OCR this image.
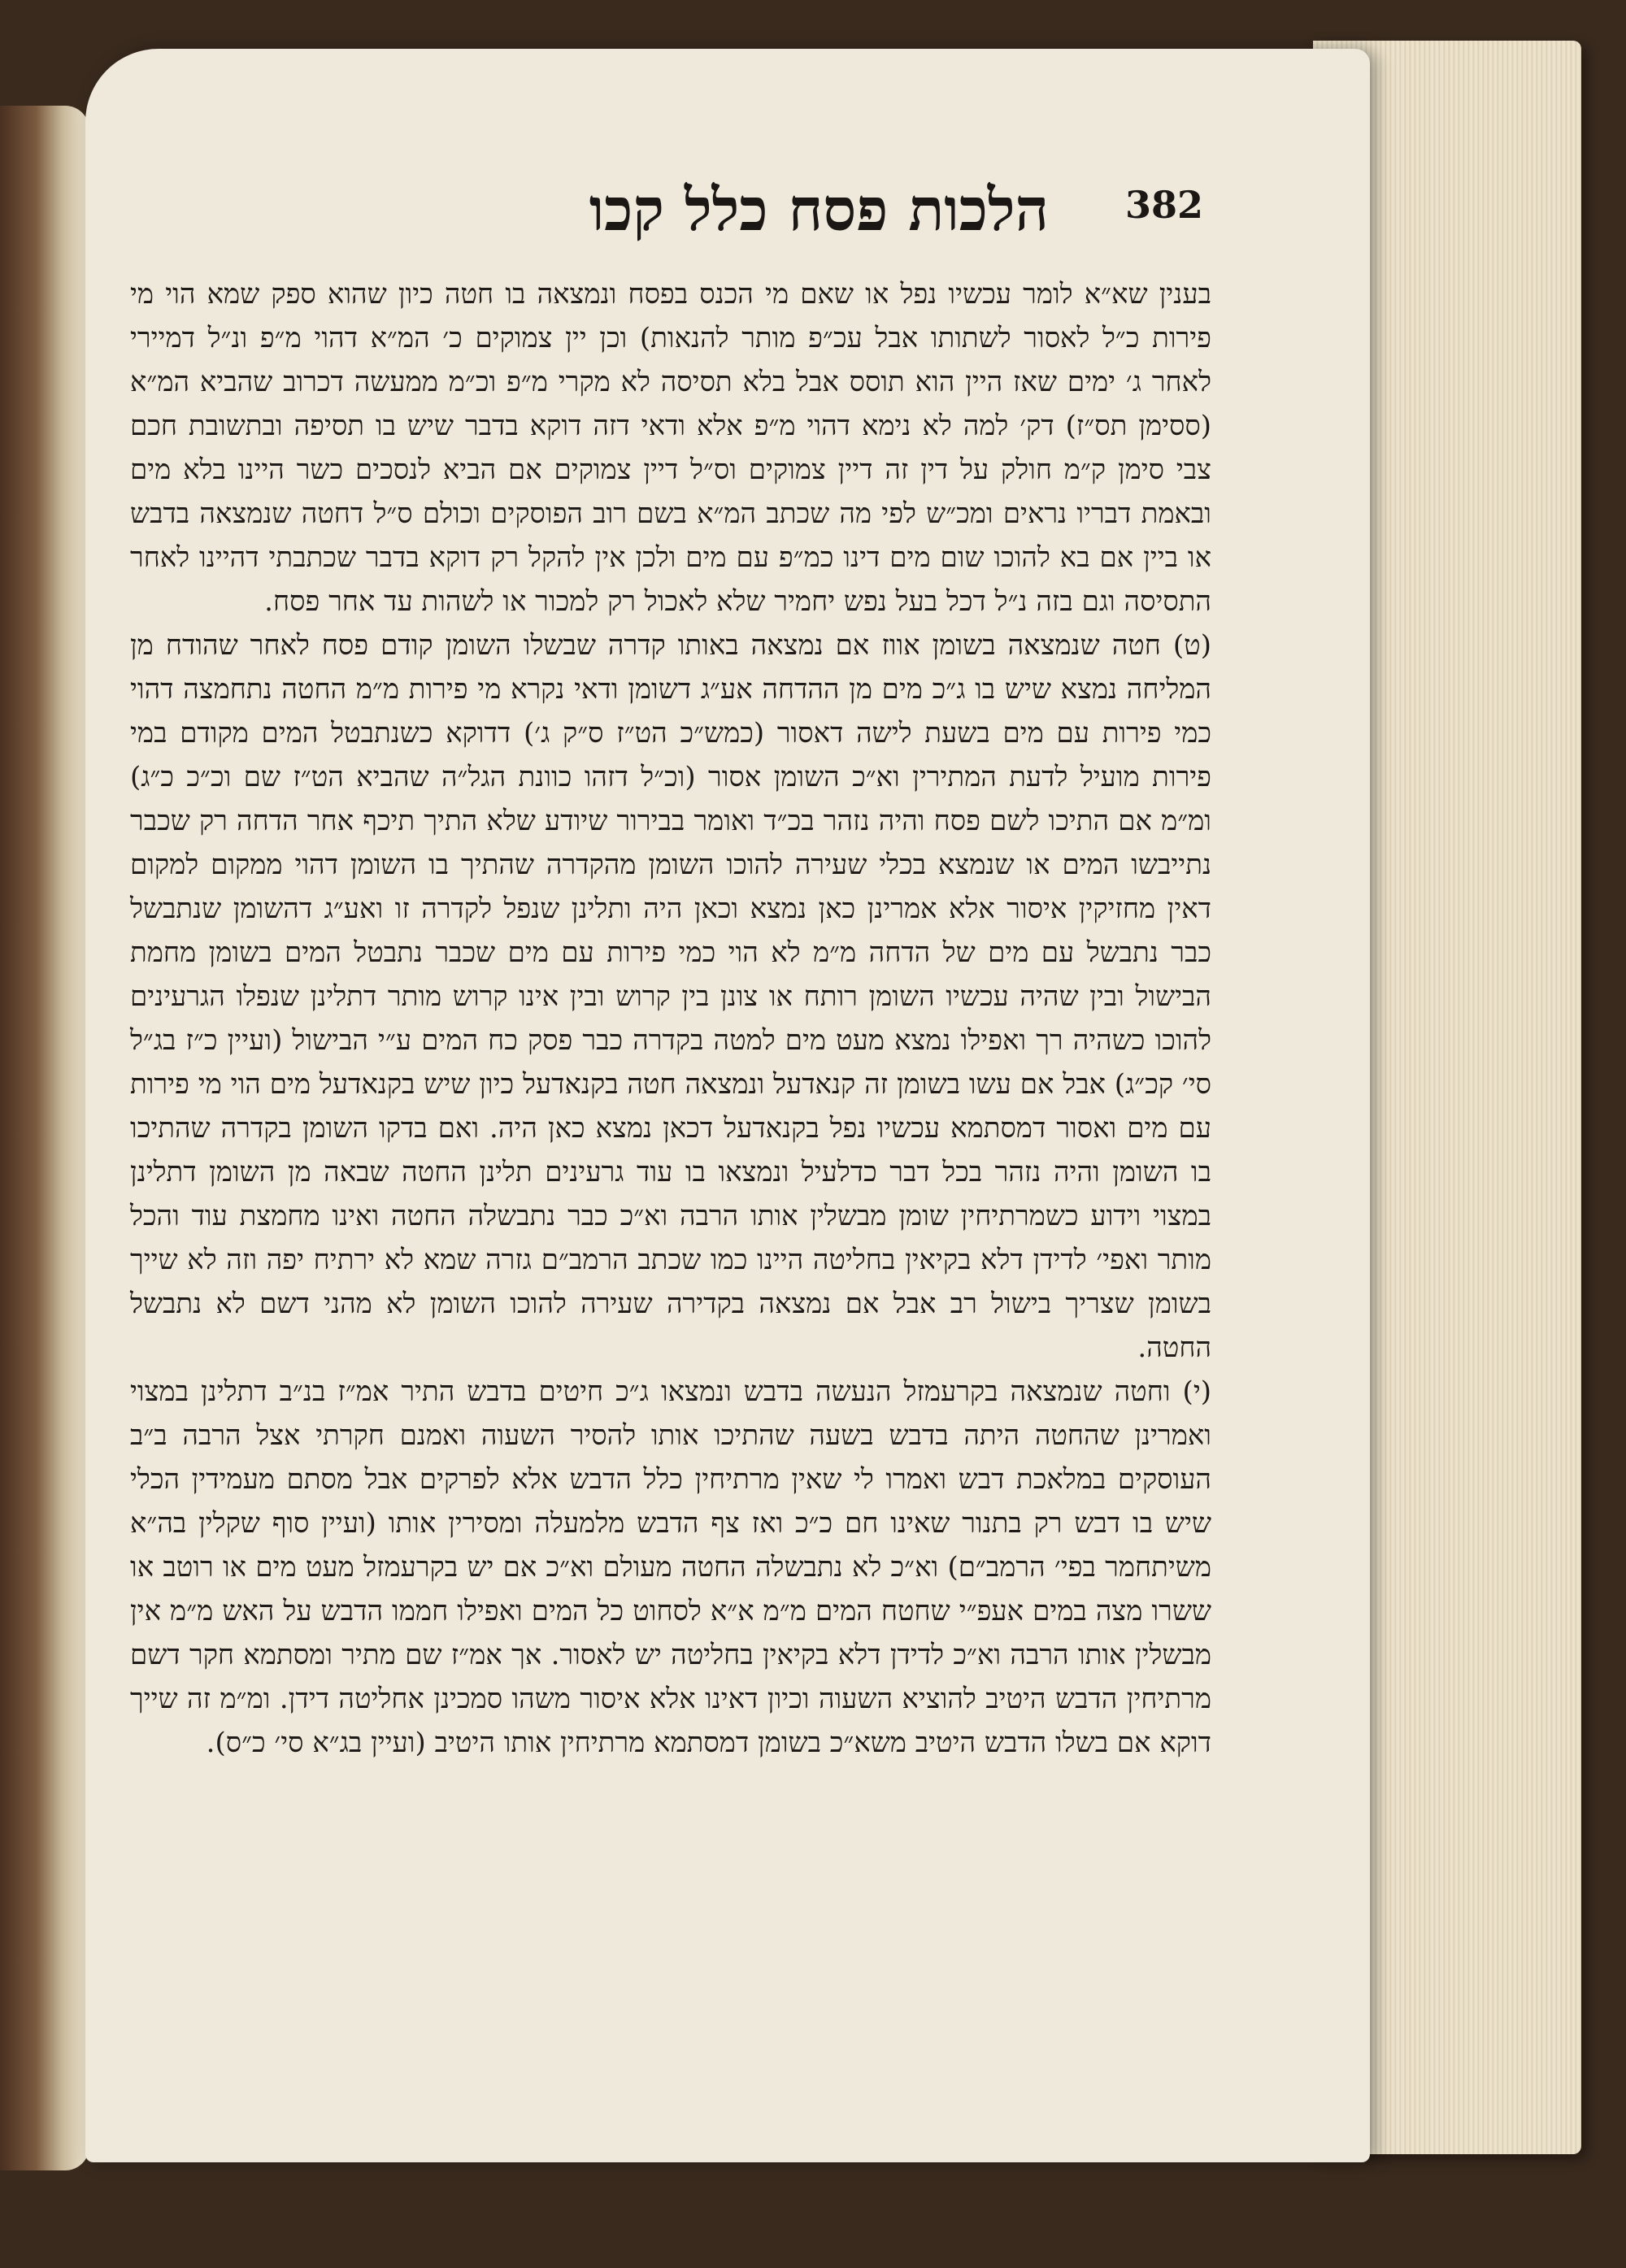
הלכות פסח כלל קכו 382

בענין שא״א לומר עכשיו נפל או שאם מי הכנס בפסח ונמצאה בו חטה כיון שהוא ספק שמא הוי מי פירות כ״ל לאסור לשתותו אבל עכ״פ מותר להנאות) וכן יין צמוקים כ׳ המ״א דהוי מ״פ ונ״ל דמיירי לאחר ג׳ ימים שאז היין הוא תוסס אבל בלא תסיסה לא מקרי מ״פ וכ״מ ממעשה דכרוב שהביא המ״א (ססימן תס״ז) דק׳ למה לא נימא דהוי מ״פ אלא ודאי דזה דוקא בדבר שיש בו תסיפה ובתשובת חכם צבי סימן ק״מ חולק על דין זה דיין צמוקים וס״ל דיין צמוקים אם הביא לנסכים כשר היינו בלא מים ובאמת דבריו נראים ומכ״ש לפי מה שכתב המ״א בשם רוב הפוסקים וכולם ס״ל דחטה שנמצאה בדבש או ביין אם בא להוכו שום מים דינו כמ״פ עם מים ולכן אין להקל רק דוקא בדבר שכתבתי דהיינו לאחר התסיסה וגם בזה נ״ל דכל בעל נפש יחמיר שלא לאכול רק למכור או לשהות עד אחר פסח.

(ט) חטה שנמצאה בשומן אווז אם נמצאה באותו קדרה שבשלו השומן קודם פסח לאחר שהודח מן המליחה נמצא שיש בו ג״כ מים מן ההדחה אע״ג דשומן ודאי נקרא מי פירות מ״מ החטה נתחמצה דהוי כמי פירות עם מים בשעת לישה דאסור (כמש״כ הט״ז ס״ק ג׳) דדוקא כשנתבטל המים מקודם במי פירות מועיל לדעת המתירין וא״כ השומן אסור (וכ״ל דזהו כוונת הגל״ה שהביא הט״ז שם וכ״כ כ״ג) ומ״מ אם התיכו לשם פסח והיה נזהר בכ״ד ואומר בבירור שיודע שלא התיך תיכף אחר הדחה רק שכבר נתייבשו המים או שנמצא בכלי שעירה להוכו השומן מהקדרה שהתיך בו השומן דהוי ממקום למקום דאין מחזיקין איסור אלא אמרינן כאן נמצא וכאן היה ותלינן שנפל לקדרה זו ואע״ג דהשומן שנתבשל כבר נתבשל עם מים של הדחה מ״מ לא הוי כמי פירות עם מים שכבר נתבטל המים בשומן מחמת הבישול ובין שהיה עכשיו השומן רותח או צונן בין קרוש ובין אינו קרוש מותר דתלינן שנפלו הגרעינים להוכו כשהיה רך ואפילו נמצא מעט מים למטה בקדרה כבר פסק כח המים ע״י הבישול (ועיין כ״ז בג״ל סי׳ קכ״ג) אבל אם עשו בשומן זה קנאדעל ונמצאה חטה בקנאדעל כיון שיש בקנאדעל מים הוי מי פירות עם מים ואסור דמסתמא עכשיו נפל בקנאדעל דכאן נמצא כאן היה. ואם בדקו השומן בקדרה שהתיכו בו השומן והיה נזהר בכל דבר כדלעיל ונמצאו בו עוד גרעינים תלינן החטה שבאה מן השומן דתלינן במצוי וידוע כשמרתיחין שומן מבשלין אותו הרבה וא״כ כבר נתבשלה החטה ואינו מחמצת עוד והכל מותר ואפי׳ לדידן דלא בקיאין בחליטה היינו כמו שכתב הרמב״ם גזרה שמא לא ירתיח יפה וזה לא שייך בשומן שצריך בישול רב אבל אם נמצאה בקדירה שעירה להוכו השומן לא מהני דשם לא נתבשל החטה.

(י) וחטה שנמצאה בקרעמזל הנעשה בדבש ונמצאו ג״כ חיטים בדבש התיר אמ״ז בנ״ב דתלינן במצוי ואמרינן שהחטה היתה בדבש בשעה שהתיכו אותו להסיר השעוה ואמנם חקרתי אצל הרבה ב״ב העוסקים במלאכת דבש ואמרו לי שאין מרתיחין כלל הדבש אלא לפרקים אבל מסתם מעמידין הכלי שיש בו דבש רק בתנור שאינו חם כ״כ ואז צף הדבש מלמעלה ומסירין אותו (ועיין סוף שקלין בה״א משיתחמר בפי׳ הרמב״ם) וא״כ לא נתבשלה החטה מעולם וא״כ אם יש בקרעמזל מעט מים או רוטב או ששרו מצה במים אעפ״י שחטח המים מ״מ א״א לסחוט כל המים ואפילו חממו הדבש על האש מ״מ אין מבשלין אותו הרבה וא״כ לדידן דלא בקיאין בחליטה יש לאסור. אך אמ״ז שם מתיר ומסתמא חקר דשם מרתיחין הדבש היטיב להוציא השעוה וכיון דאינו אלא איסור משהו סמכינן אחליטה דידן. ומ״מ זה שייך דוקא אם בשלו הדבש היטיב משא״כ בשומן דמסתמא מרתיחין אותו היטיב (ועיין בג״א סי׳ כ״ס).
